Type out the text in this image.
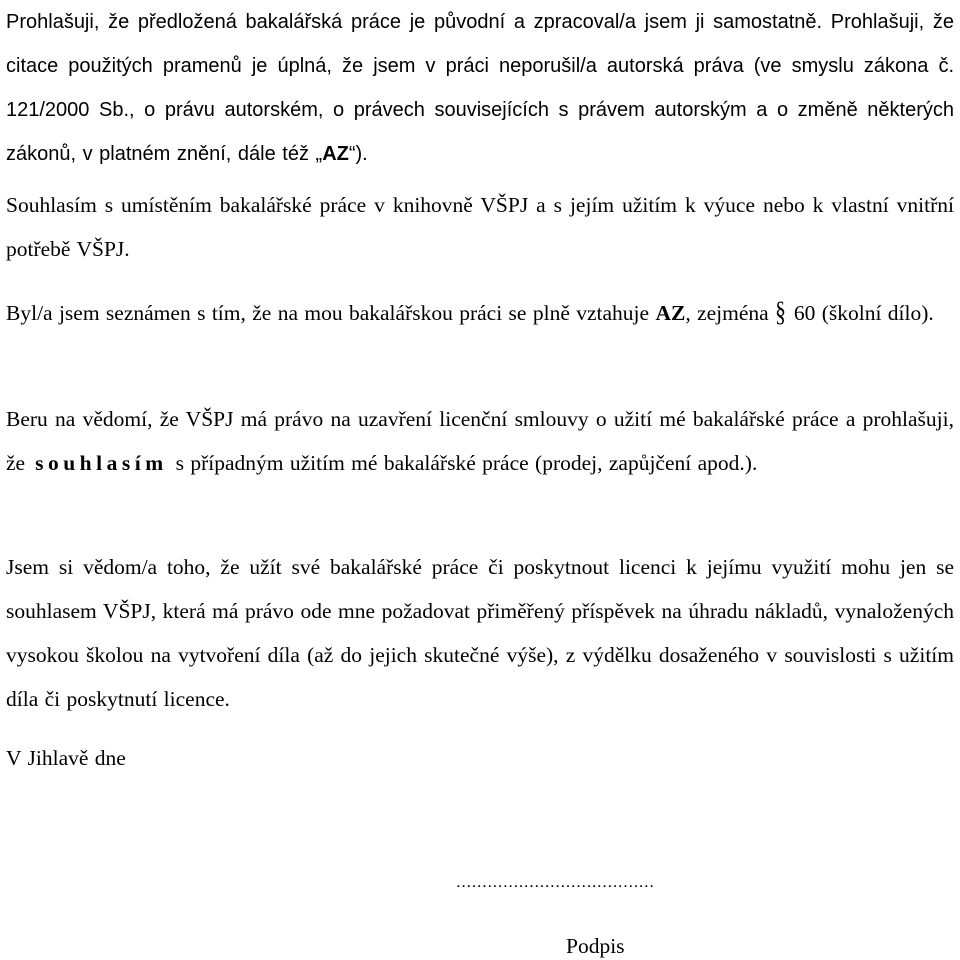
Prohlašuji, že předložená bakalářská práce je původní a zpracoval/a jsem ji samostatně. Prohlašuji, že citace použitých pramenů je úplná, že jsem v práci neporušil/a autorská práva (ve smyslu zákona č. 121/2000 Sb., o právu autorském, o právech souvisejících s právem autorským a o změně některých zákonů, v platném znění, dále též „AZ“).

Souhlasím s umístěním bakalářské práce v knihovně VŠPJ a s jejím užitím k výuce nebo k vlastní vnitřní potřebě VŠPJ.

Byl/a jsem seznámen s tím, že na mou bakalářskou práci se plně vztahuje AZ, zejména § 60 (školní dílo).

Beru na vědomí, že VŠPJ má právo na uzavření licenční smlouvy o užití mé bakalářské práce a prohlašuji, že souhlasím s případným užitím mé bakalářské práce (prodej, zapůjčení apod.).

Jsem si vědom/a toho, že užít své bakalářské práce či poskytnout licenci k jejímu využití mohu jen se souhlasem VŠPJ, která má právo ode mne požadovat přiměřený příspěvek na úhradu nákladů, vynaložených vysokou školou na vytvoření díla (až do jejich skutečné výše), z výdělku dosaženého v souvislosti s užitím díla či poskytnutí licence.

V Jihlavě dne

......................................
Podpis
